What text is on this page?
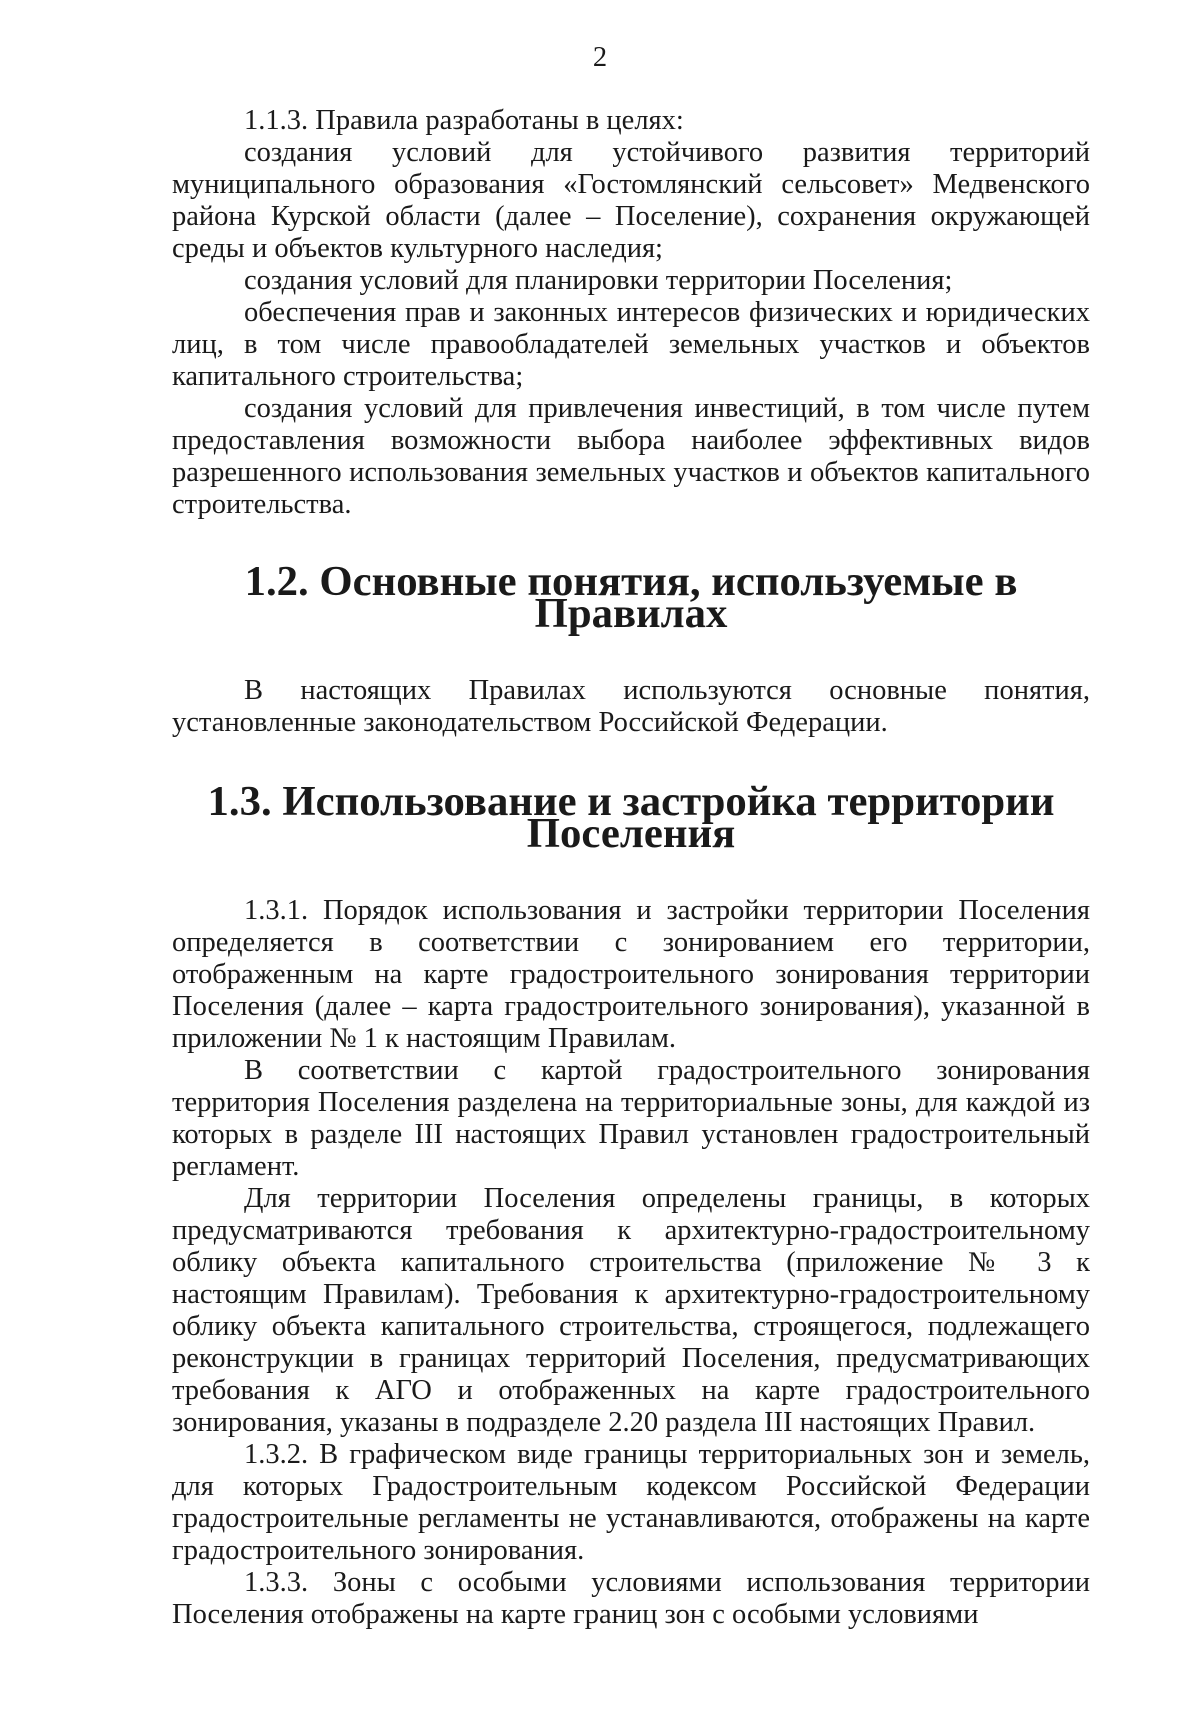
2

1.1.3. Правила разработаны в целях:

создания условий для устойчивого развития территорий муниципального образования «Гостомлянский сельсовет» Медвенского района Курской области (далее – Поселение), сохранения окружающей среды и объектов культурного наследия;

создания условий для планировки территории Поселения;

обеспечения прав и законных интересов физических и юридических лиц, в том числе правообладателей земельных участков и объектов капитального строительства;

создания условий для привлечения инвестиций, в том числе путем предоставления возможности выбора наиболее эффективных видов разрешенного использования земельных участков и объектов капитального строительства.

1.2. Основные понятия, используемые в Правилах

В настоящих Правилах используются основные понятия, установленные законодательством Российской Федерации.

1.3. Использование и застройка территории Поселения

1.3.1. Порядок использования и застройки территории Поселения определяется в соответствии с зонированием его территории, отображенным на карте градостроительного зонирования территории Поселения (далее – карта градостроительного зонирования), указанной в приложении № 1 к настоящим Правилам.

В соответствии с картой градостроительного зонирования территория Поселения разделена на территориальные зоны, для каждой из которых в разделе III настоящих Правил установлен градостроительный регламент.

Для территории Поселения определены границы, в которых предусматриваются требования к архитектурно-градостроительному облику объекта капитального строительства (приложение № 3 к настоящим Правилам). Требования к архитектурно-градостроительному облику объекта капитального строительства, строящегося, подлежащего реконструкции в границах территорий Поселения, предусматривающих требования к АГО и отображенных на карте градостроительного зонирования, указаны в подразделе 2.20 раздела III настоящих Правил.

1.3.2. В графическом виде границы территориальных зон и земель, для которых Градостроительным кодексом Российской Федерации градостроительные регламенты не устанавливаются, отображены на карте градостроительного зонирования.

1.3.3. Зоны с особыми условиями использования территории Поселения отображены на карте границ зон с особыми условиями
